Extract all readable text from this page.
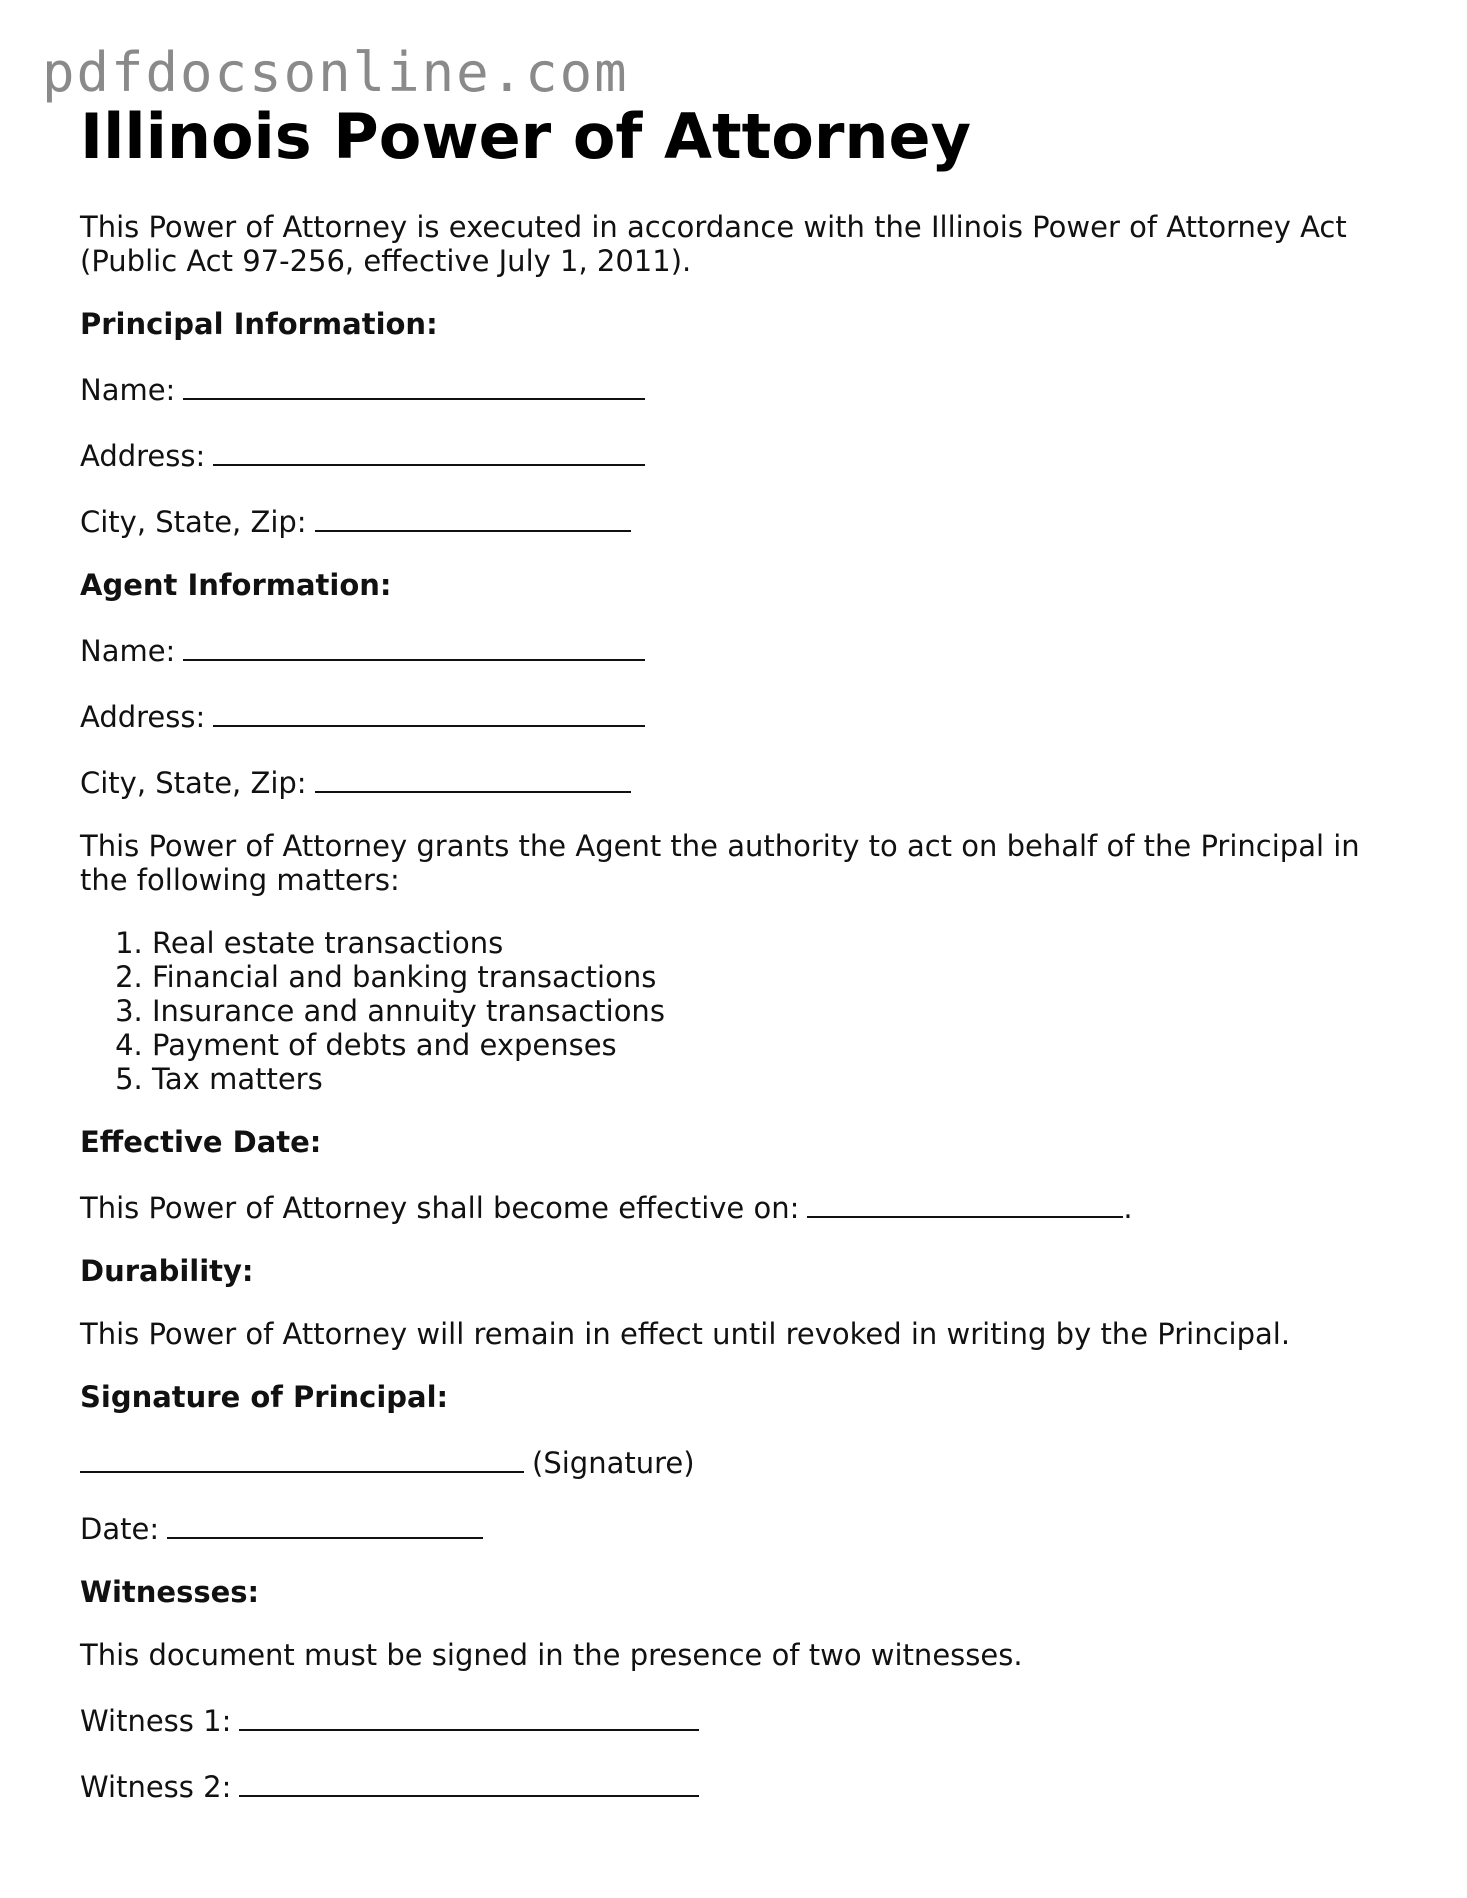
pdfdocsonline.com
Illinois Power of Attorney

This Power of Attorney is executed in accordance with the Illinois Power of Attorney Act (Public Act 97-256, effective July 1, 2011).

Principal Information:
Name:
Address:
City, State, Zip:
Agent Information:
Name:
Address:
City, State, Zip:

This Power of Attorney grants the Agent the authority to act on behalf of the Principal in the following matters:

1. Real estate transactions
2. Financial and banking transactions
3. Insurance and annuity transactions
4. Payment of debts and expenses
5. Tax matters
Effective Date:
This Power of Attorney shall become effective on:	.
Durability:

This Power of Attorney will remain in effect until revoked in writing by the Principal.

Signature of Principal:
(Signature)
Date:
Witnesses:

This document must be signed in the presence of two witnesses.

Witness 1:
Witness 2:
